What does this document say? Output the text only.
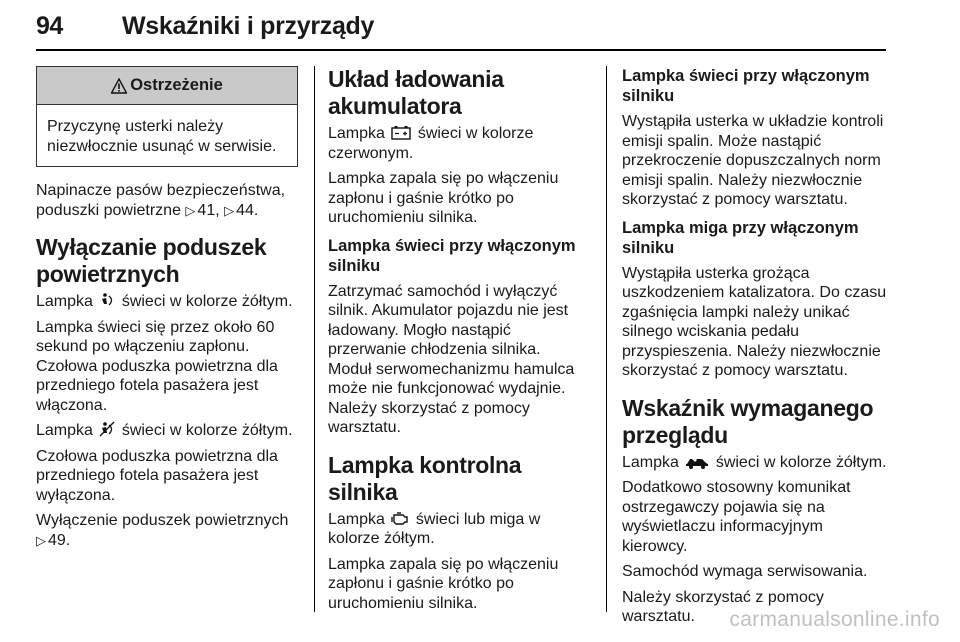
94 Wskaźniki i przyrządy
Ostrzeżenie
Przyczynę usterki należy niezwłocznie usunąć w serwisie.

Napinacze pasów bezpieczeństwa, poduszki powietrzne ▷ 41, ▷ 44.

Wyłączanie poduszek powietrznych

Lampka  świeci w kolorze żółtym.

Lampka świeci się przez około 60 sekund po włączeniu zapłonu. Czołowa poduszka powietrzna dla przedniego fotela pasażera jest włączona.

Lampka  świeci w kolorze żółtym.

Czołowa poduszka powietrzna dla przedniego fotela pasażera jest wyłączona.

Wyłączenie poduszek powietrznych ▷ 49.

Układ ładowania akumulatora

Lampka  świeci w kolorze czerwonym.

Lampka zapala się po włączeniu zapłonu i gaśnie krótko po uruchomieniu silnika.

Lampka świeci przy włączonym silniku

Zatrzymać samochód i wyłączyć silnik. Akumulator pojazdu nie jest ładowany. Mogło nastąpić przerwanie chłodzenia silnika. Moduł serwomechanizmu hamulca może nie funkcjonować wydajnie. Należy skorzystać z pomocy warsztatu.

Lampka kontrolna silnika

Lampka  świeci lub miga w kolorze żółtym.

Lampka zapala się po włączeniu zapłonu i gaśnie krótko po uruchomieniu silnika.

Lampka świeci przy włączonym silniku

Wystąpiła usterka w układzie kontroli emisji spalin. Może nastąpić przekroczenie dopuszczalnych norm emisji spalin. Należy niezwłocznie skorzystać z pomocy warsztatu.

Lampka miga przy włączonym silniku

Wystąpiła usterka grożąca uszkodzeniem katalizatora. Do czasu zgaśnięcia lampki należy unikać silnego wciskania pedału przyspieszenia. Należy niezwłocznie skorzystać z pomocy warsztatu.

Wskaźnik wymaganego przeglądu

Lampka  świeci w kolorze żółtym.

Dodatkowo stosowny komunikat ostrzegawczy pojawia się na wyświetlaczu informacyjnym kierowcy.

Samochód wymaga serwisowania.

Należy skorzystać z pomocy warsztatu.	carmanualsonline.info
